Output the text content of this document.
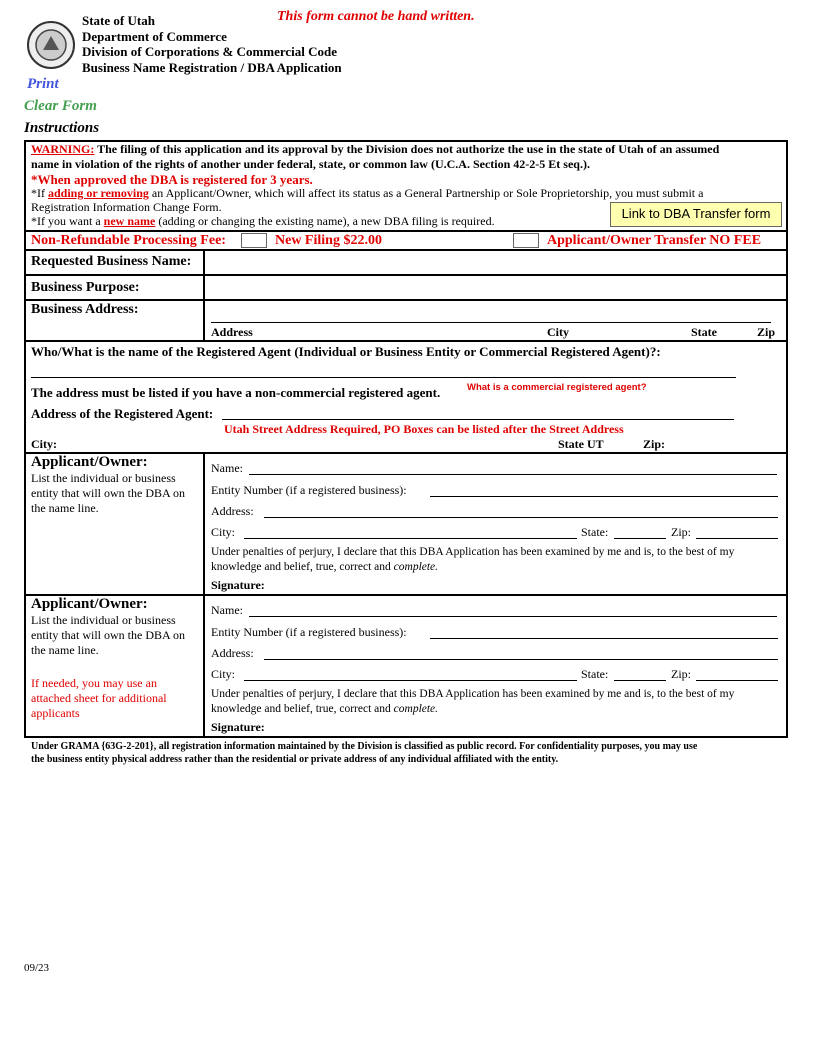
State of Utah
Department of Commerce
Division of Corporations & Commercial Code
Business Name Registration / DBA Application
This form cannot be hand written.
Print
Clear Form
Instructions
WARNING: The filing of this application and its approval by the Division does not authorize the use in the state of Utah of an assumed
name in violation of the rights of another under federal, state, or common law (U.C.A. Section 42-2-5 Et seq.).
*When approved the DBA is registered for 3 years.
*If adding or removing an Applicant/Owner, which will affect its status as a General Partnership or Sole Proprietorship, you must submit a
Registration Information Change Form.
*If you want a new name (adding or changing the existing name), a new DBA filing is required.	Link to DBA Transfer form
Non-Refundable Processing Fee:	New Filing $22.00	Applicant/Owner Transfer NO FEE
Requested Business Name:
Business Purpose:
Business Address:
Address	City	State	Zip
Who/What is the name of the Registered Agent (Individual or Business Entity or Commercial Registered Agent)?:
The address must be listed if you have a non-commercial registered agent.	What is a commercial registered agent?
Address of the Registered Agent:
Utah Street Address Required, PO Boxes can be listed after the Street Address
City:	State UT	Zip:
Applicant/Owner:
List the individual or business
entity that will own the DBA on
the name line.
Name:
Entity Number (if a registered business):
Address:
City:	State:	Zip:
Under penalties of perjury, I declare that this DBA Application has been examined by me and is, to the best of my
knowledge and belief, true, correct and complete.
Signature:
Applicant/Owner:
List the individual or business
entity that will own the DBA on
the name line.
If needed, you may use an
attached sheet for additional
applicants
Name:
Entity Number (if a registered business):
Address:
City:	State:	Zip:
Under penalties of perjury, I declare that this DBA Application has been examined by me and is, to the best of my
knowledge and belief, true, correct and complete.
Signature:
Under GRAMA {63G-2-201}, all registration information maintained by the Division is classified as public record. For confidentiality purposes, you may use
the business entity physical address rather than the residential or private address of any individual affiliated with the entity.
09/23
